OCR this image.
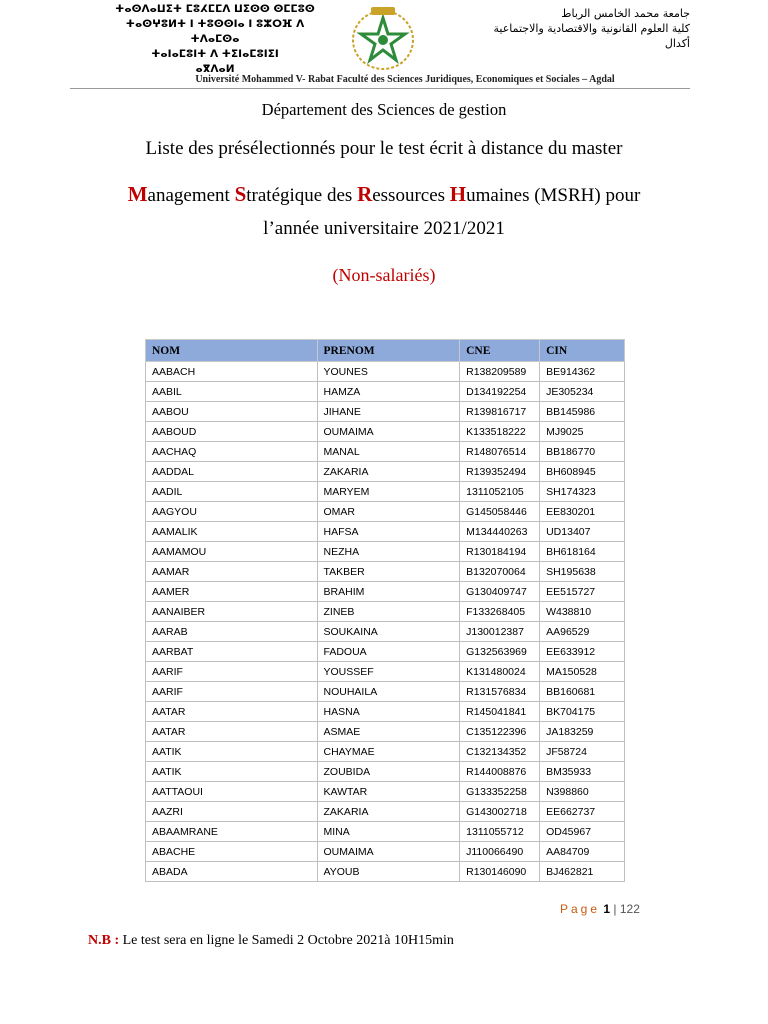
ⵜⴰⵙⴷⴰⵡⵉⵜ ⵎⵓⵃⵎⵎⴷ ⵡⵉⵙⵙ ⵙⵎⵎⵓⵙ
ⵜⴰⵙⵖⵓⵍⵜ ⵏ ⵜⵓⵙⵙⵏⴰ ⵏ ⵓⵣⵔⴼ ⴷ ⵜⴷⴰⵎⵙⴰ
ⵜⴰⵏⴰⵎⵓⵏⵜ ⴷ ⵜⵉⵏⴰⵎⵓⵏⵉⵏ
ⴰⴳⴷⴰⵍ
جامعة محمد الخامس الرباط
كلية العلوم القانونية والاقتصادية والاجتماعية
أكدال
Université Mohammed V- Rabat Faculté des Sciences Juridiques, Economiques et Sociales – Agdal
Département des Sciences de gestion
Liste des présélectionnés pour le test écrit à distance du master
Management Stratégique des Ressources Humaines (MSRH) pour
l’année universitaire 2021/2021
(Non-salariés)
NOM	PRENOM	CNE	CIN
AABACH	YOUNES	R138209589	BE914362
AABIL	HAMZA	D134192254	JE305234
AABOU	JIHANE	R139816717	BB145986
AABOUD	OUMAIMA	K133518222	MJ9025
AACHAQ	MANAL	R148076514	BB186770
AADDAL	ZAKARIA	R139352494	BH608945
AADIL	MARYEM	1311052105	SH174323
AAGYOU	OMAR	G145058446	EE830201
AAMALIK	HAFSA	M134440263	UD13407
AAMAMOU	NEZHA	R130184194	BH618164
AAMAR	TAKBER	B132070064	SH195638
AAMER	BRAHIM	G130409747	EE515727
AANAIBER	ZINEB	F133268405	W438810
AARAB	SOUKAINA	J130012387	AA96529
AARBAT	FADOUA	G132563969	EE633912
AARIF	YOUSSEF	K131480024	MA150528
AARIF	NOUHAILA	R131576834	BB160681
AATAR	HASNA	R145041841	BK704175
AATAR	ASMAE	C135122396	JA183259
AATIK	CHAYMAE	C132134352	JF58724
AATIK	ZOUBIDA	R144008876	BM35933
AATTAOUI	KAWTAR	G133352258	N398860
AAZRI	ZAKARIA	G143002718	EE662737
ABAAMRANE	MINA	1311055712	OD45967
ABACHE	OUMAIMA	J110066490	AA84709
ABADA	AYOUB	R130146090	BJ462821
Page 1 | 122
N.B : Le test sera en ligne le Samedi 2 Octobre 2021à 10H15min
